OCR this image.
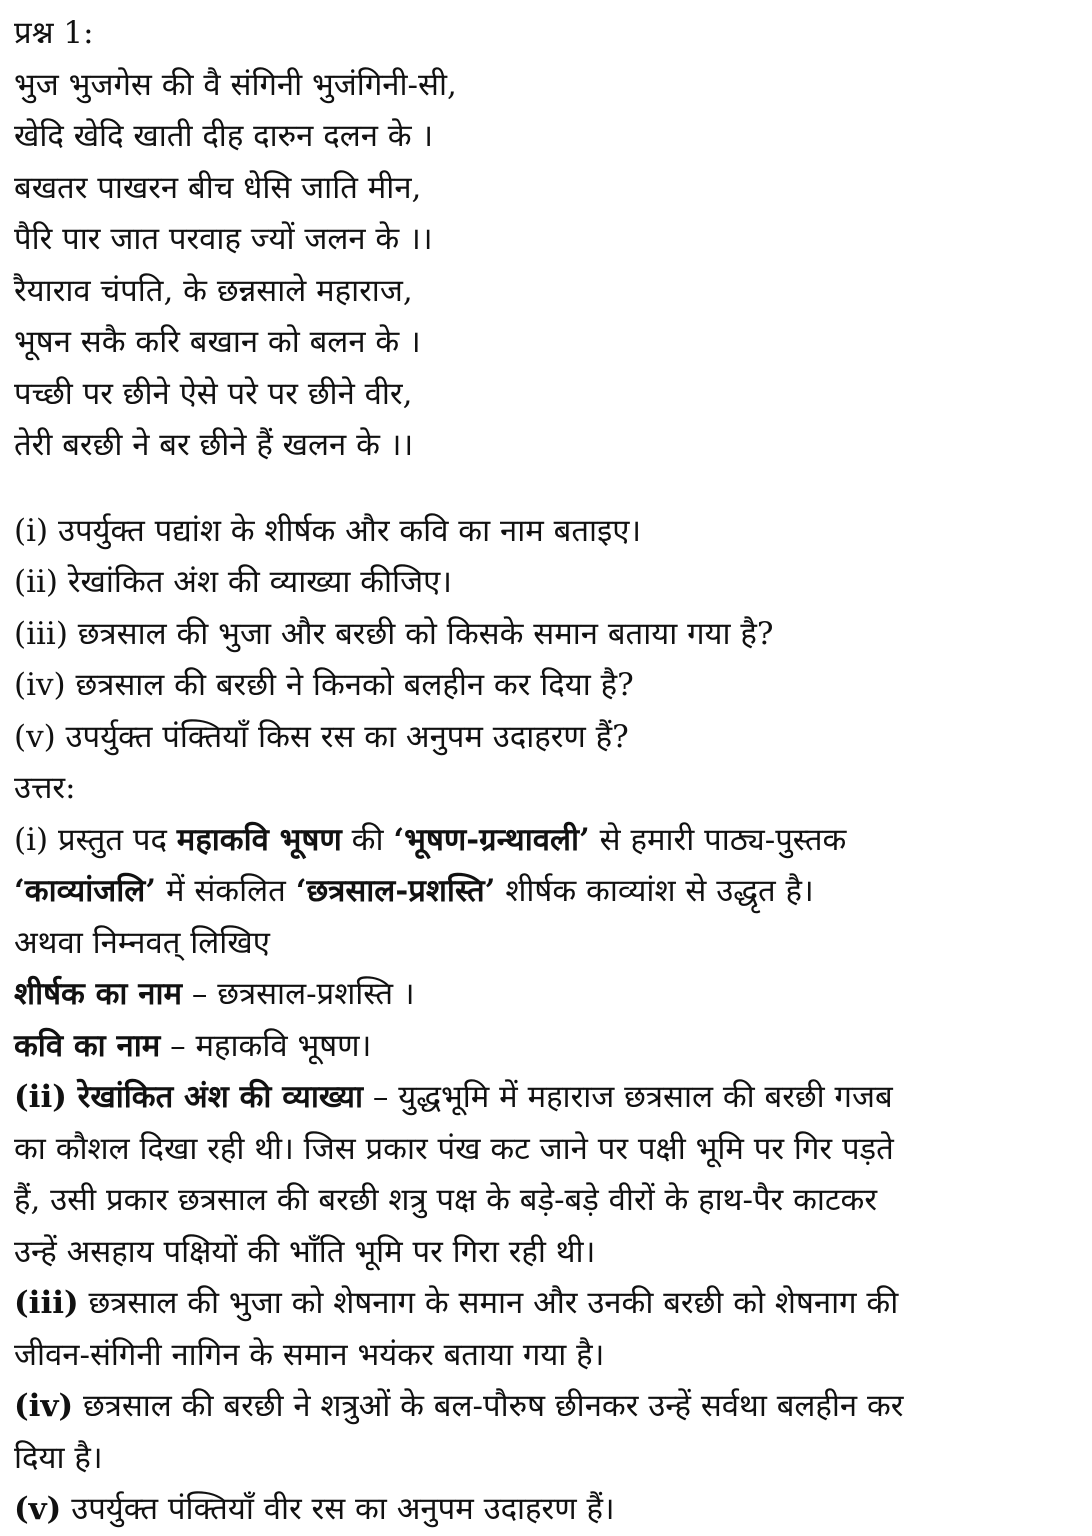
प्रश्न 1:
भुज भुजगेस की वै संगिनी भुजंगिनी-सी,
खेदि खेदि खाती दीह दारुन दलन के ।
बखतर पाखरन बीच धेसि जाति मीन,
पैरि पार जात परवाह ज्यों जलन के ।।
रैयाराव चंपति, के छन्नसाले महाराज,
भूषन सकै करि बखान को बलन के ।
पच्छी पर छीने ऐसे परे पर छीने वीर,
तेरी बरछी ने बर छीने हैं खलन के ।।
(i) उपर्युक्त पद्यांश के शीर्षक और कवि का नाम बताइए।
(ii) रेखांकित अंश की व्याख्या कीजिए।
(iii) छत्रसाल की भुजा और बरछी को किसके समान बताया गया है?
(iv) छत्रसाल की बरछी ने किनको बलहीन कर दिया है?
(v) उपर्युक्त पंक्तियाँ किस रस का अनुपम उदाहरण हैं?
उत्तर:
(i) प्रस्तुत पद महाकवि भूषण की ‘भूषण-ग्रन्थावली’ से हमारी पाठ्य-पुस्तक
‘काव्यांजलि’ में संकलित ‘छत्रसाल-प्रशस्ति’ शीर्षक काव्यांश से उद्धृत है।
अथवा निम्नवत् लिखिए
शीर्षक का नाम – छत्रसाल-प्रशस्ति ।
कवि का नाम – महाकवि भूषण।
(ii) रेखांकित अंश की व्याख्या – युद्धभूमि में महाराज छत्रसाल की बरछी गजब
का कौशल दिखा रही थी। जिस प्रकार पंख कट जाने पर पक्षी भूमि पर गिर पड़ते
हैं, उसी प्रकार छत्रसाल की बरछी शत्रु पक्ष के बड़े-बड़े वीरों के हाथ-पैर काटकर
उन्हें असहाय पक्षियों की भाँति भूमि पर गिरा रही थी।
(iii) छत्रसाल की भुजा को शेषनाग के समान और उनकी बरछी को शेषनाग की
जीवन-संगिनी नागिन के समान भयंकर बताया गया है।
(iv) छत्रसाल की बरछी ने शत्रुओं के बल-पौरुष छीनकर उन्हें सर्वथा बलहीन कर
दिया है।
(v) उपर्युक्त पंक्तियाँ वीर रस का अनुपम उदाहरण हैं।
